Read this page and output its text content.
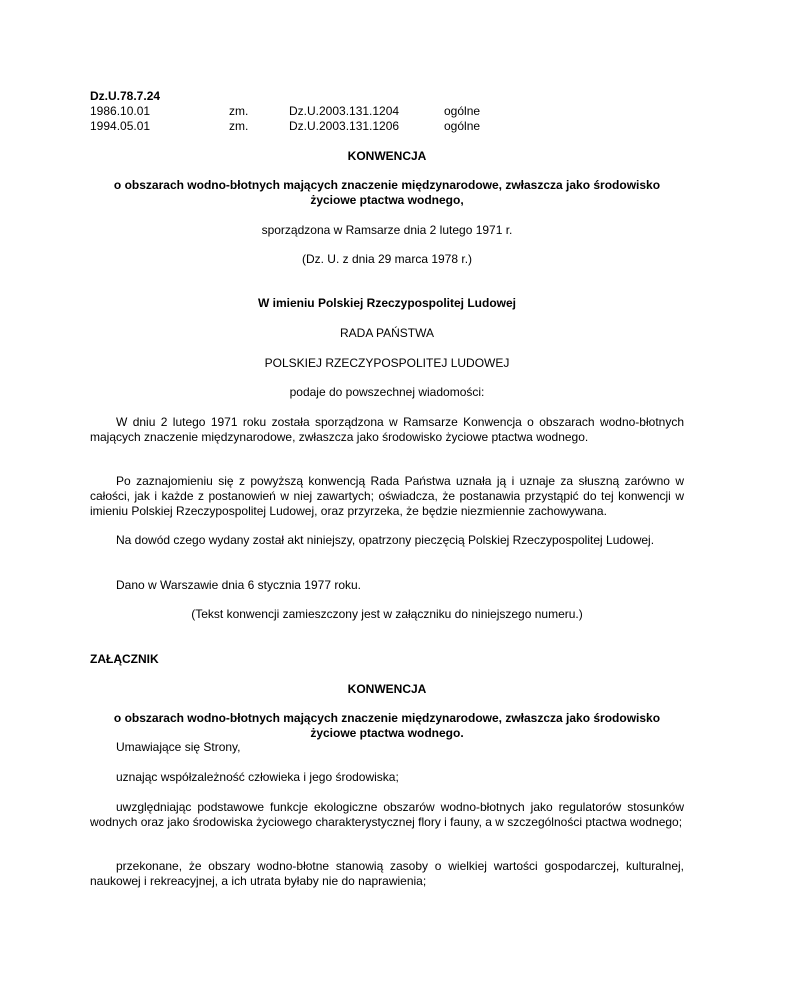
Dz.U.78.7.24
1986.10.01	zm.	Dz.U.2003.131.1204	ogólne
1994.05.01	zm.	Dz.U.2003.131.1206	ogólne
KONWENCJA
o obszarach wodno-błotnych mających znaczenie międzynarodowe, zwłaszcza jako środowisko
życiowe ptactwa wodnego,
sporządzona w Ramsarze dnia 2 lutego 1971 r.
(Dz. U. z dnia 29 marca 1978 r.)
W imieniu Polskiej Rzeczypospolitej Ludowej
RADA PAŃSTWA
POLSKIEJ RZECZYPOSPOLITEJ LUDOWEJ
podaje do powszechnej wiadomości:
W dniu 2 lutego 1971 roku została sporządzona w Ramsarze Konwencja o obszarach wodno-błotnych mających znaczenie międzynarodowe, zwłaszcza jako środowisko życiowe ptactwa wodnego.
Po zaznajomieniu się z powyższą konwencją Rada Państwa uznała ją i uznaje za słuszną zarówno w całości, jak i każde z postanowień w niej zawartych; oświadcza, że postanawia przystąpić do tej konwencji w imieniu Polskiej Rzeczypospolitej Ludowej, oraz przyrzeka, że będzie niezmiennie zachowywana.
Na dowód czego wydany został akt niniejszy, opatrzony pieczęcią Polskiej Rzeczypospolitej Ludowej.
Dano w Warszawie dnia 6 stycznia 1977 roku.
(Tekst konwencji zamieszczony jest w załączniku do niniejszego numeru.)
ZAŁĄCZNIK
KONWENCJA
o obszarach wodno-błotnych mających znaczenie międzynarodowe, zwłaszcza jako środowisko
życiowe ptactwa wodnego.
Umawiające się Strony,
uznając współzależność człowieka i jego środowiska;
uwzględniając podstawowe funkcje ekologiczne obszarów wodno-błotnych jako regulatorów stosunków wodnych oraz jako środowiska życiowego charakterystycznej flory i fauny, a w szczególności ptactwa wodnego;
przekonane, że obszary wodno-błotne stanowią zasoby o wielkiej wartości gospodarczej, kulturalnej, naukowej i rekreacyjnej, a ich utrata byłaby nie do naprawienia;
